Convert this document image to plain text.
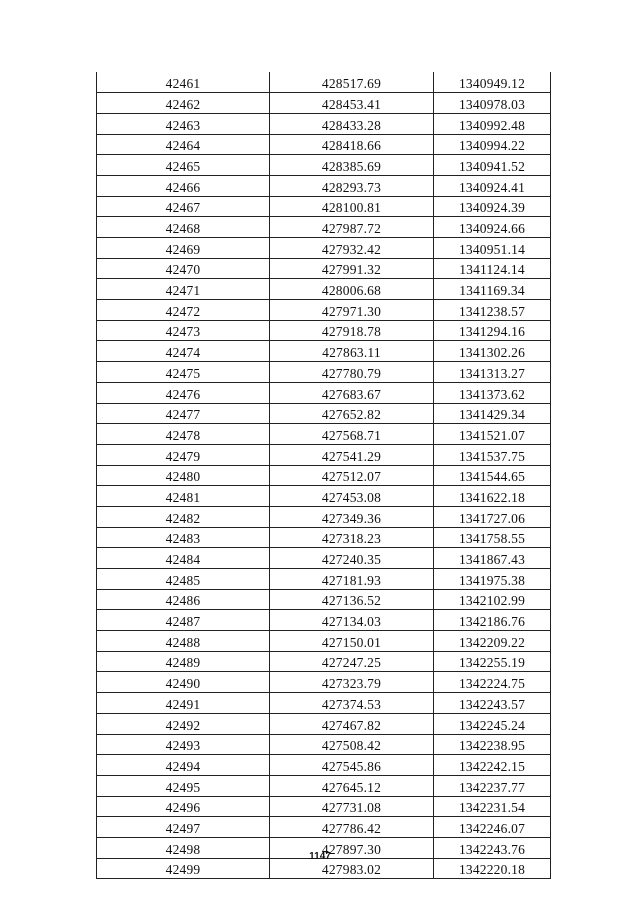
42461	428517.69	1340949.12
42462	428453.41	1340978.03
42463	428433.28	1340992.48
42464	428418.66	1340994.22
42465	428385.69	1340941.52
42466	428293.73	1340924.41
42467	428100.81	1340924.39
42468	427987.72	1340924.66
42469	427932.42	1340951.14
42470	427991.32	1341124.14
42471	428006.68	1341169.34
42472	427971.30	1341238.57
42473	427918.78	1341294.16
42474	427863.11	1341302.26
42475	427780.79	1341313.27
42476	427683.67	1341373.62
42477	427652.82	1341429.34
42478	427568.71	1341521.07
42479	427541.29	1341537.75
42480	427512.07	1341544.65
42481	427453.08	1341622.18
42482	427349.36	1341727.06
42483	427318.23	1341758.55
42484	427240.35	1341867.43
42485	427181.93	1341975.38
42486	427136.52	1342102.99
42487	427134.03	1342186.76
42488	427150.01	1342209.22
42489	427247.25	1342255.19
42490	427323.79	1342224.75
42491	427374.53	1342243.57
42492	427467.82	1342245.24
42493	427508.42	1342238.95
42494	427545.86	1342242.15
42495	427645.12	1342237.77
42496	427731.08	1342231.54
42497	427786.42	1342246.07
42498	427897.30	1342243.76
42499	427983.02	1342220.18
1147
